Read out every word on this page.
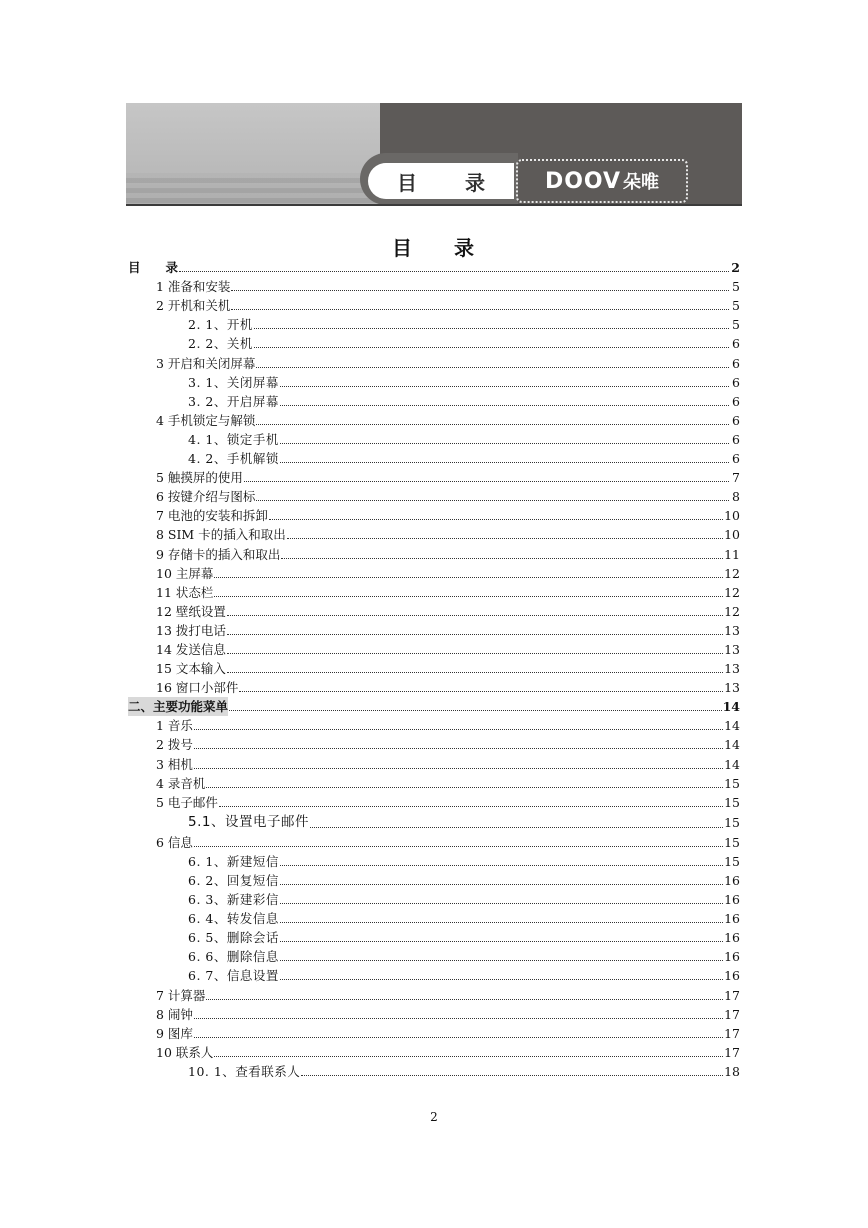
目 录	DOOV 朵唯
目 录
目　　录	2
1 准备和安装	5
2 开机和关机	5
2. 1、开机	5
2. 2、关机	6
3 开启和关闭屏幕	6
3. 1、关闭屏幕	6
3. 2、开启屏幕	6
4 手机锁定与解锁	6
4. 1、锁定手机	6
4. 2、手机解锁	6
5 触摸屏的使用	7
6 按键介绍与图标	8
7 电池的安装和拆卸	10
8 SIM 卡的插入和取出	10
9 存储卡的插入和取出	11
10 主屏幕	12
11 状态栏	12
12 壁纸设置	12
13 拨打电话	13
14 发送信息	13
15 文本输入	13
16 窗口小部件	13
二、主要功能菜单	14
1 音乐	14
2 拨号	14
3 相机	14
4 录音机	15
5 电子邮件	15
5.1、设置电子邮件	15
6 信息	15
6. 1、新建短信	15
6. 2、回复短信	16
6. 3、新建彩信	16
6. 4、转发信息	16
6. 5、删除会话	16
6. 6、删除信息	16
6. 7、信息设置	16
7 计算器	17
8 闹钟	17
9 图库	17
10 联系人	17
10. 1、查看联系人	18
2
